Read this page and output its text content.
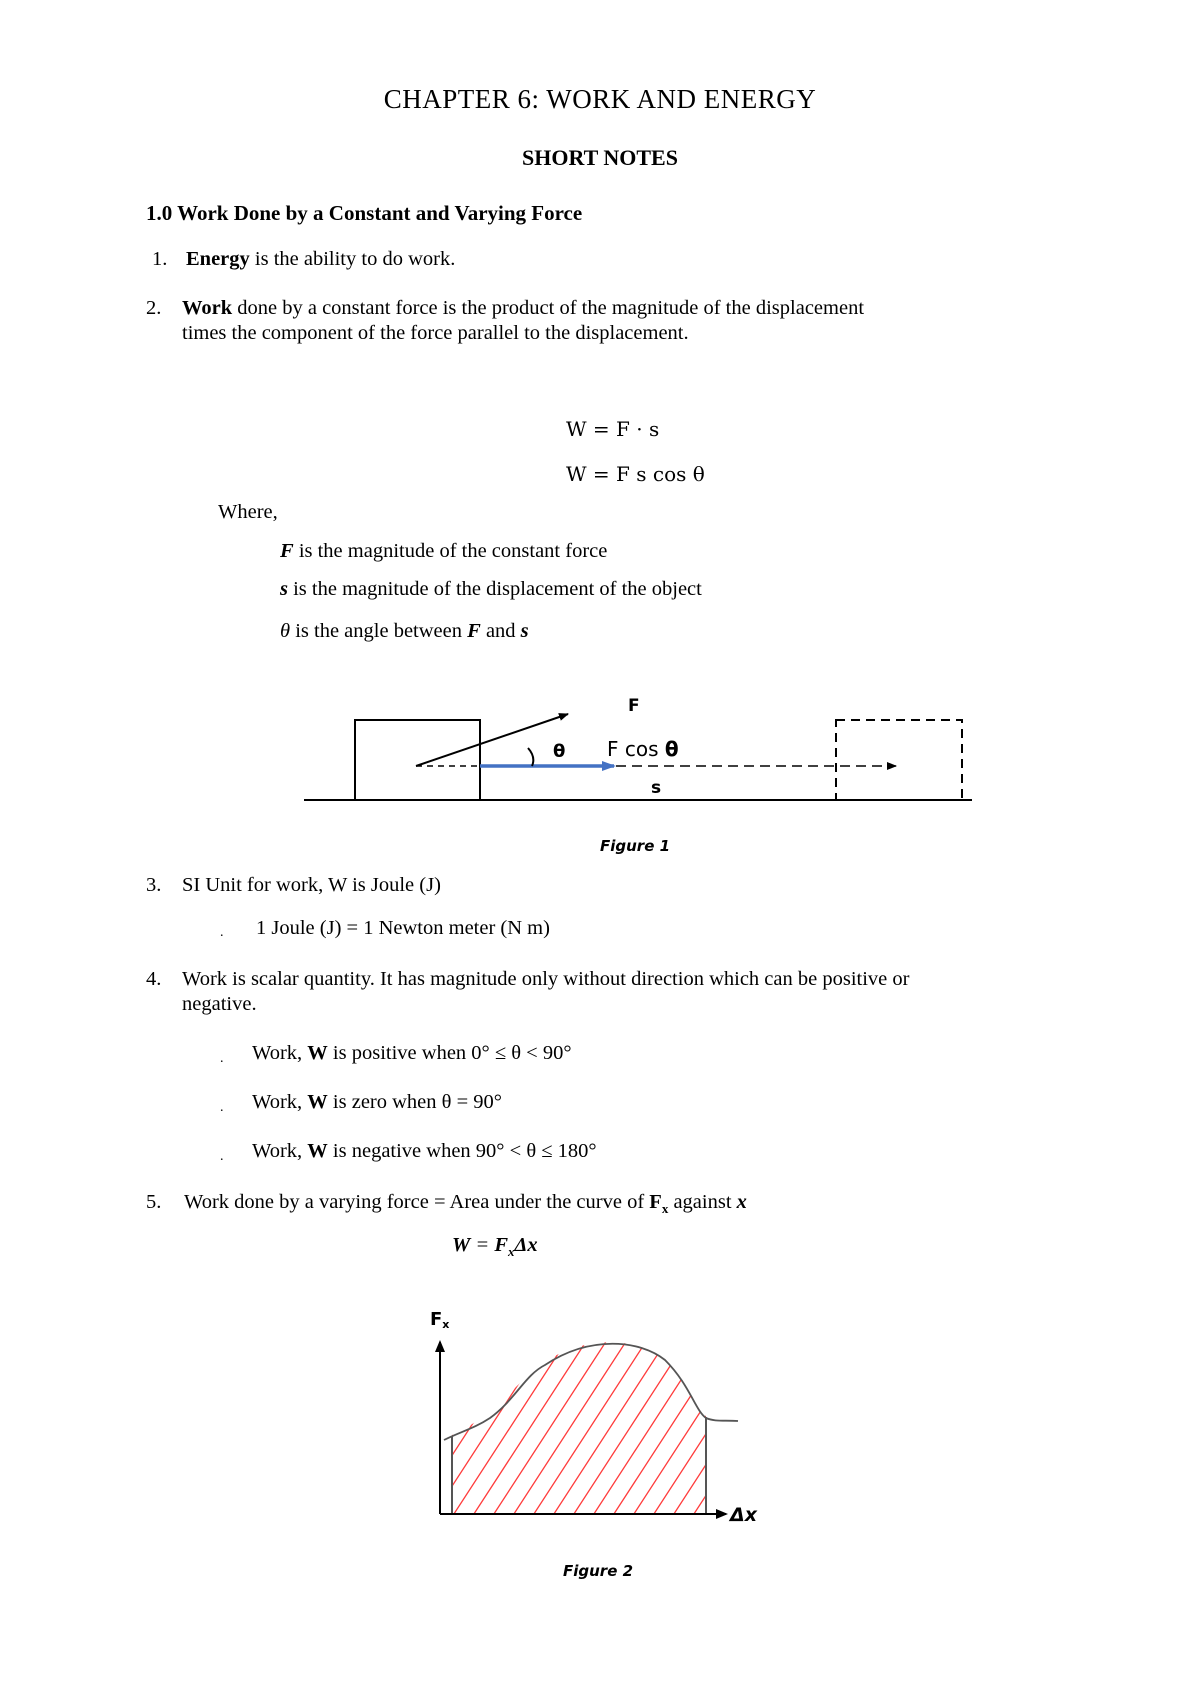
CHAPTER 6: WORK AND ENERGY
SHORT NOTES
1.0 Work Done by a Constant and Varying Force
1. Energy is the ability to do work.
2.	Work done by a constant force is the product of the magnitude of the displacement
times the component of the force parallel to the displacement.
W = F · s
W = F s cos θ
Where,
F is the magnitude of the constant force
s is the magnitude of the displacement of the object
θ is the angle between F and s
F
θ F cos θ
s
Figure 1
3.	SI Unit for work, W is Joule (J)
. 1 Joule (J) = 1 Newton meter (N m)
4.	Work is scalar quantity. It has magnitude only without direction which can be positive or
negative.
. Work, W is positive when 0° ≤ θ < 90°
. Work, W is zero when θ = 90°
. Work, W is negative when 90° < θ ≤ 180°
5.	Work done by a varying force = Area under the curve of $F_x$ against x
$W = F_x\Delta x$
Fx
Δx
Figure 2
